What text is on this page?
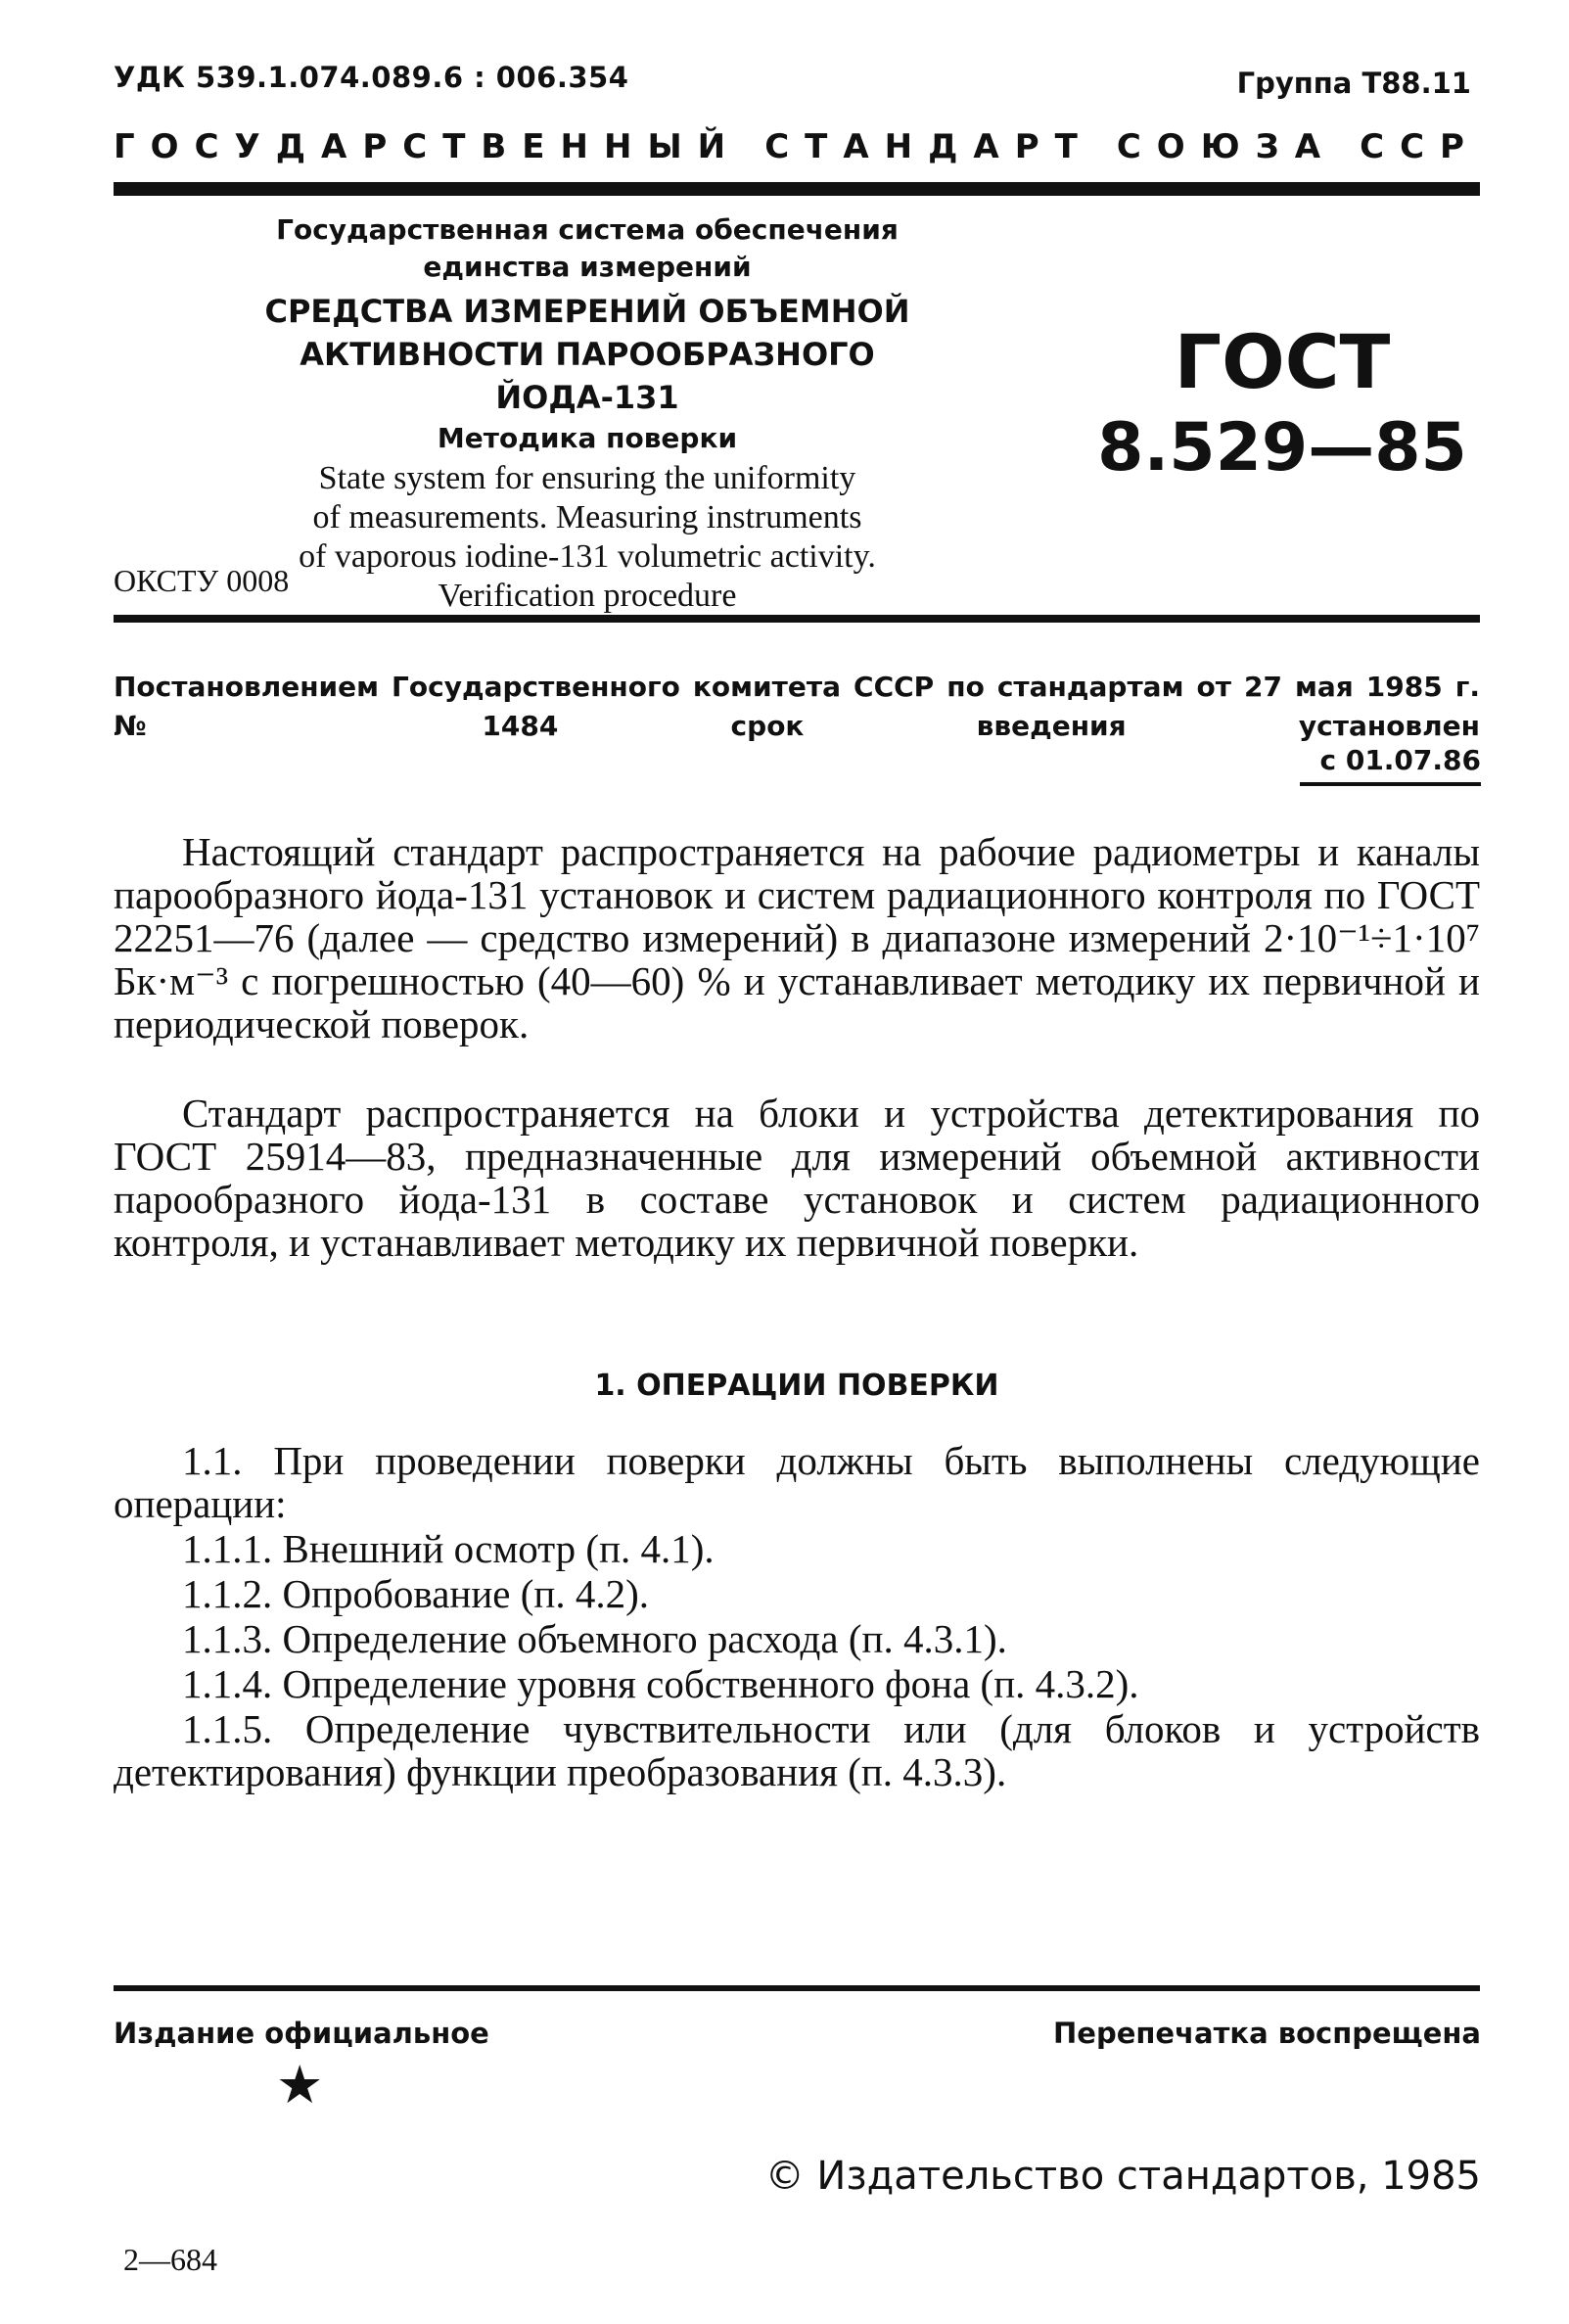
УДК 539.1.074.089.6 : 006.354	Группа Т88.11
ГОСУДАРСТВЕННЫЙ СТАНДАРТ СОЮЗА ССР
Государственная система обеспечения единства измерений
СРЕДСТВА ИЗМЕРЕНИЙ ОБЪЕМНОЙ АКТИВНОСТИ ПАРООБРАЗНОГО ЙОДА-131
Методика поверки
State system for ensuring the uniformity
of measurements. Measuring instruments
of vaporous iodine-131 volumetric activity.
Verification procedure
ОКСТУ 0008
ГОСТ
8.529—85
Постановлением Государственного комитета СССР по стандартам от 27 мая 1985 г. № 1484 срок введения установлен
с 01.07.86
Настоящий стандарт распространяется на рабочие радиометры и каналы парообразного йода-131 установок и систем радиационного контроля по ГОСТ 22251—76 (далее — средство измерений) в диапазоне измерений 2·10⁻¹÷1·10⁷ Бк·м⁻³ с погрешностью (40—60) % и устанавливает методику их первичной и периодической поверок.
Стандарт распространяется на блоки и устройства детектирования по ГОСТ 25914—83, предназначенные для измерений объемной активности парообразного йода-131 в составе установок и систем радиационного контроля, и устанавливает методику их первичной поверки.
1. ОПЕРАЦИИ ПОВЕРКИ
1.1. При проведении поверки должны быть выполнены следующие операции:
1.1.1. Внешний осмотр (п. 4.1).
1.1.2. Опробование (п. 4.2).
1.1.3. Определение объемного расхода (п. 4.3.1).
1.1.4. Определение уровня собственного фона (п. 4.3.2).
1.1.5. Определение чувствительности или (для блоков и устройств детектирования) функции преобразования (п. 4.3.3).
Издание официальное	Перепечатка воспрещена
★
© Издательство стандартов, 1985
2—684
